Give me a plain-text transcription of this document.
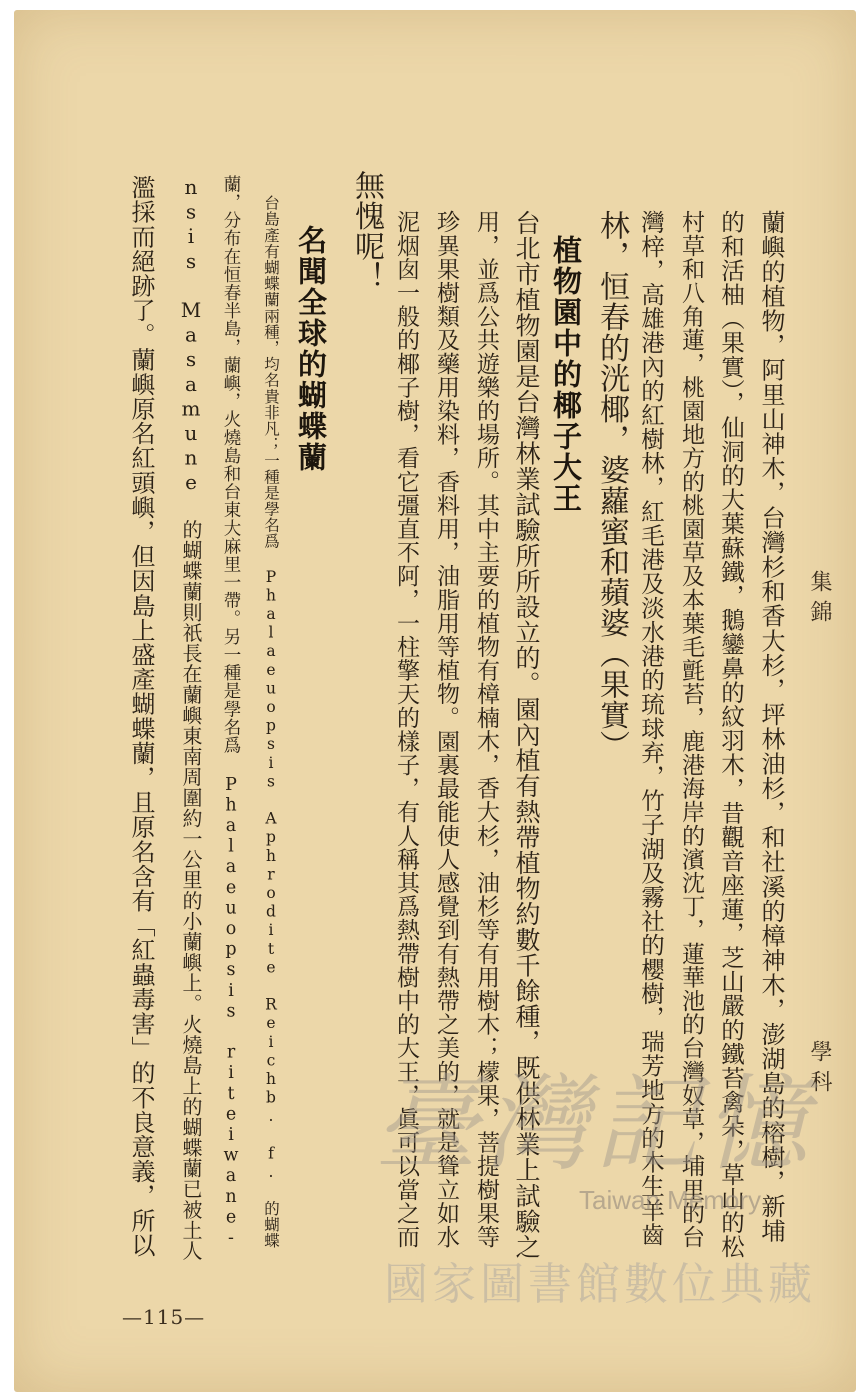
集錦
學科
蘭嶼的植物，阿里山神木，台灣杉和香大杉，坪林油杉，和社溪的樟神木，澎湖島的榕樹，新埔
的和活柚（果實），仙洞的大葉蘇鐵，鵝鑾鼻的紋羽木，昔觀音座蓮，芝山嚴的鐵苔禽朵，草山的松
村草和八角蓮，桃園地方的桃園草及本葉毛氈苔，鹿港海岸的濱沈丁，蓮華池的台灣奴草，埔里的台
灣梓，高雄港內的紅樹林，紅毛港及淡水港的琉球弃，竹子湖及霧社的櫻樹，瑞芳地方的木生羊齒
林，恒春的洸椰，婆蘿蜜和蘋婆（果實）
植物園中的椰子大王
台北市植物園是台灣林業試驗所所設立的。園內植有熱帶植物約數千餘種，既供林業上試驗之
用，並爲公共遊樂的場所。其中主要的植物有樟楠木，香大杉，油杉等有用樹木；檬果，菩提樹果等
珍異果樹類及藥用染料，香料用，油脂用等植物。園裏最能使人感覺到有熱帶之美的，就是聳立如水
泥烟囱一般的椰子樹，看它彊直不阿，一柱擎天的樣子，有人稱其爲熱帶樹中的大王，眞可以當之而
無愧呢！
名聞全球的蝴蝶蘭
台島產有蝴蝶蘭兩種，均名貴非凡；一種是學名爲 Phalaeuopsis Aphrodite Reichb. f. 的蝴蝶
蘭，分布在恒春半島，蘭嶼，火燒島和台東大麻里一帶。另一種是學名爲 Phalaeuopsis riteiwane-
nsis Masamune 的蝴蝶蘭則祇長在蘭嶼東南周圍約一公里的小蘭嶼上。火燒島上的蝴蝶蘭已被土人
濫採而絕跡了。蘭嶼原名紅頭嶼，但因島上盛產蝴蝶蘭，且原名含有「紅蟲毒害」的不良意義，所以
—115—
臺灣記憶
Taiwan Memory
國家圖書館數位典藏
